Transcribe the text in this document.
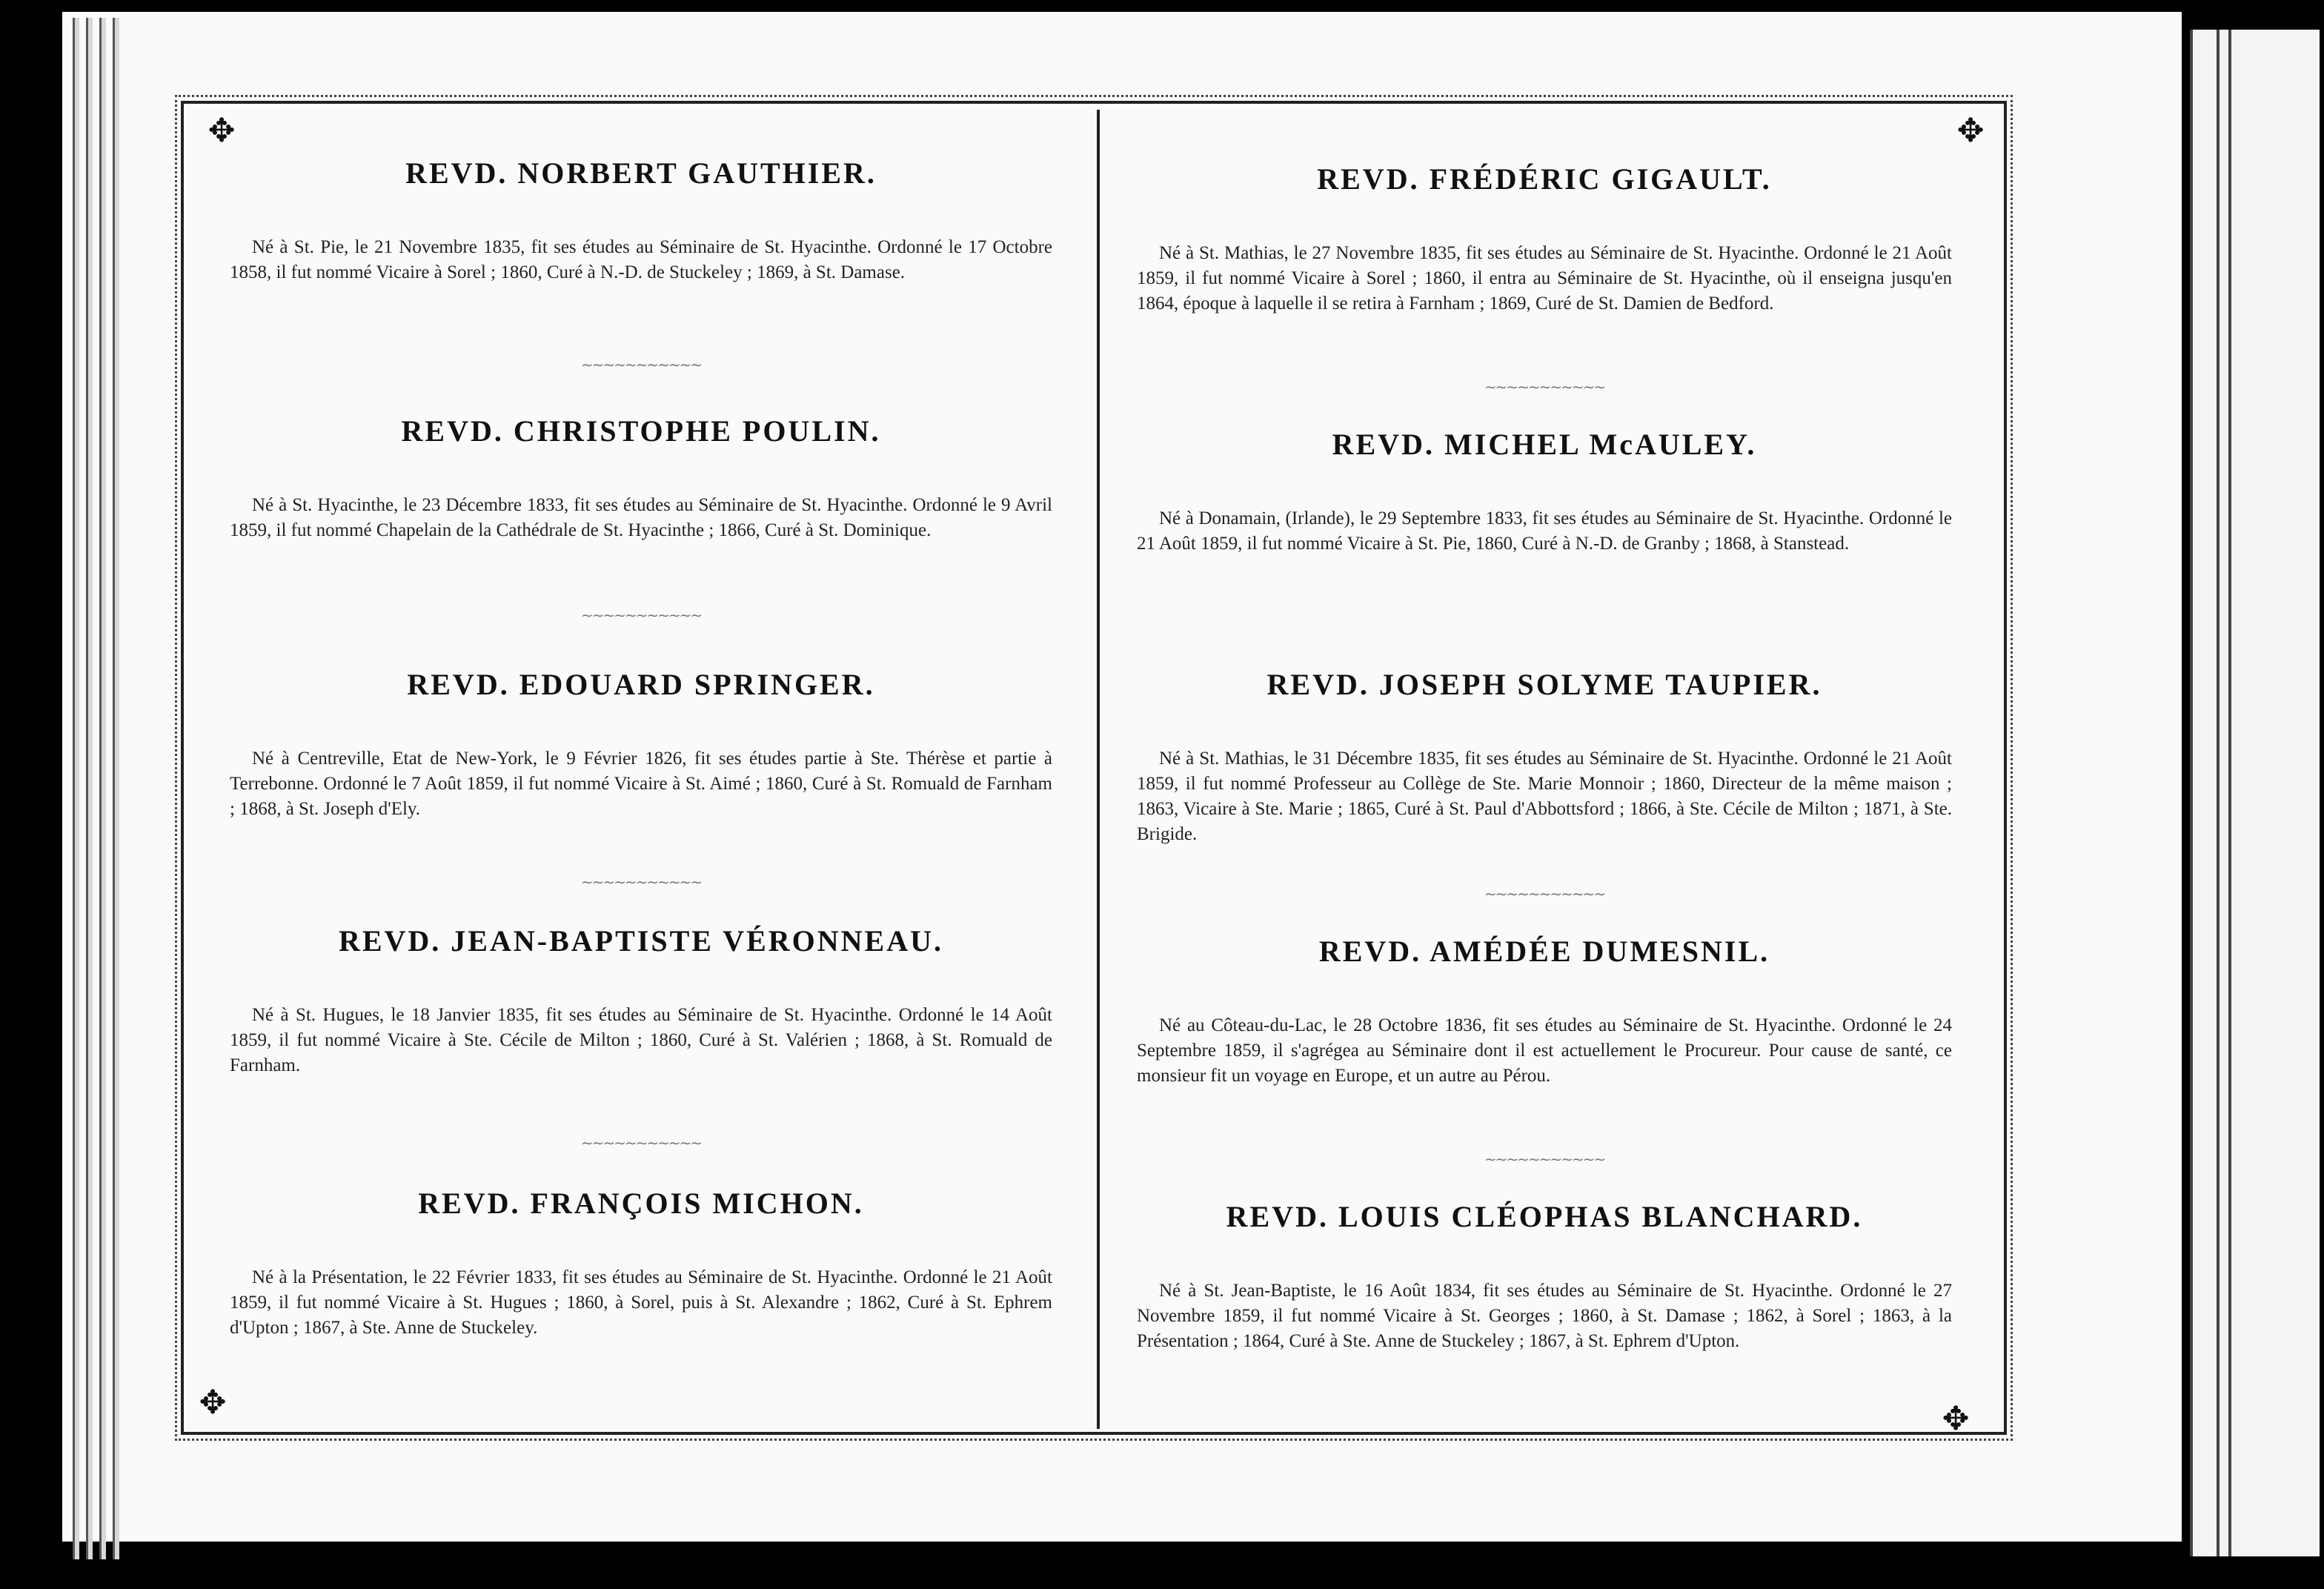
✥	✥
✥	✥

REVD. NORBERT GAUTHIER.

Né à St. Pie, le 21 Novembre 1835, fit ses études au Séminaire de St. Hyacinthe. Ordonné le 17 Octobre 1858, il fut nommé Vicaire à Sorel ; 1860, Curé à N.-D. de Stuckeley ; 1869, à St. Damase.

∼∼∼∼∼∼∼∼∼∼∼

REVD. CHRISTOPHE POULIN.

Né à St. Hyacinthe, le 23 Décembre 1833, fit ses études au Séminaire de St. Hyacinthe. Ordonné le 9 Avril 1859, il fut nommé Chapelain de la Cathédrale de St. Hyacinthe ; 1866, Curé à St. Dominique.

∼∼∼∼∼∼∼∼∼∼∼

REVD. EDOUARD SPRINGER.

Né à Centreville, Etat de New-York, le 9 Février 1826, fit ses études partie à Ste. Thérèse et partie à Terrebonne. Ordonné le 7 Août 1859, il fut nommé Vicaire à St. Aimé ; 1860, Curé à St. Romuald de Farnham ; 1868, à St. Joseph d'Ely.

∼∼∼∼∼∼∼∼∼∼∼

REVD. JEAN-BAPTISTE VÉRONNEAU.

Né à St. Hugues, le 18 Janvier 1835, fit ses études au Séminaire de St. Hyacinthe. Ordonné le 14 Août 1859, il fut nommé Vicaire à Ste. Cécile de Milton ; 1860, Curé à St. Valérien ; 1868, à St. Romuald de Farnham.

∼∼∼∼∼∼∼∼∼∼∼

REVD. FRANÇOIS MICHON.

Né à la Présentation, le 22 Février 1833, fit ses études au Séminaire de St. Hyacinthe. Ordonné le 21 Août 1859, il fut nommé Vicaire à St. Hugues ; 1860, à Sorel, puis à St. Alexandre ; 1862, Curé à St. Ephrem d'Upton ; 1867, à Ste. Anne de Stuckeley.

REVD. FRÉDÉRIC GIGAULT.

Né à St. Mathias, le 27 Novembre 1835, fit ses études au Séminaire de St. Hyacinthe. Ordonné le 21 Août 1859, il fut nommé Vicaire à Sorel ; 1860, il entra au Séminaire de St. Hyacinthe, où il enseigna jusqu'en 1864, époque à laquelle il se retira à Farnham ; 1869, Curé de St. Damien de Bedford.

∼∼∼∼∼∼∼∼∼∼∼

REVD. MICHEL McAULEY.

Né à Donamain, (Irlande), le 29 Septembre 1833, fit ses études au Séminaire de St. Hyacinthe. Ordonné le 21 Août 1859, il fut nommé Vicaire à St. Pie, 1860, Curé à N.-D. de Granby ; 1868, à Stanstead.

REVD. JOSEPH SOLYME TAUPIER.

Né à St. Mathias, le 31 Décembre 1835, fit ses études au Séminaire de St. Hyacinthe. Ordonné le 21 Août 1859, il fut nommé Professeur au Collège de Ste. Marie Monnoir ; 1860, Directeur de la même maison ; 1863, Vicaire à Ste. Marie ; 1865, Curé à St. Paul d'Abbottsford ; 1866, à Ste. Cécile de Milton ; 1871, à Ste. Brigide.

∼∼∼∼∼∼∼∼∼∼∼

REVD. AMÉDÉE DUMESNIL.

Né au Côteau-du-Lac, le 28 Octobre 1836, fit ses études au Séminaire de St. Hyacinthe. Ordonné le 24 Septembre 1859, il s'agrégea au Séminaire dont il est actuellement le Procureur. Pour cause de santé, ce monsieur fit un voyage en Europe, et un autre au Pérou.

∼∼∼∼∼∼∼∼∼∼∼

REVD. LOUIS CLÉOPHAS BLANCHARD.

Né à St. Jean-Baptiste, le 16 Août 1834, fit ses études au Séminaire de St. Hyacinthe. Ordonné le 27 Novembre 1859, il fut nommé Vicaire à St. Georges ; 1860, à St. Damase ; 1862, à Sorel ; 1863, à la Présentation ; 1864, Curé à Ste. Anne de Stuckeley ; 1867, à St. Ephrem d'Upton.
